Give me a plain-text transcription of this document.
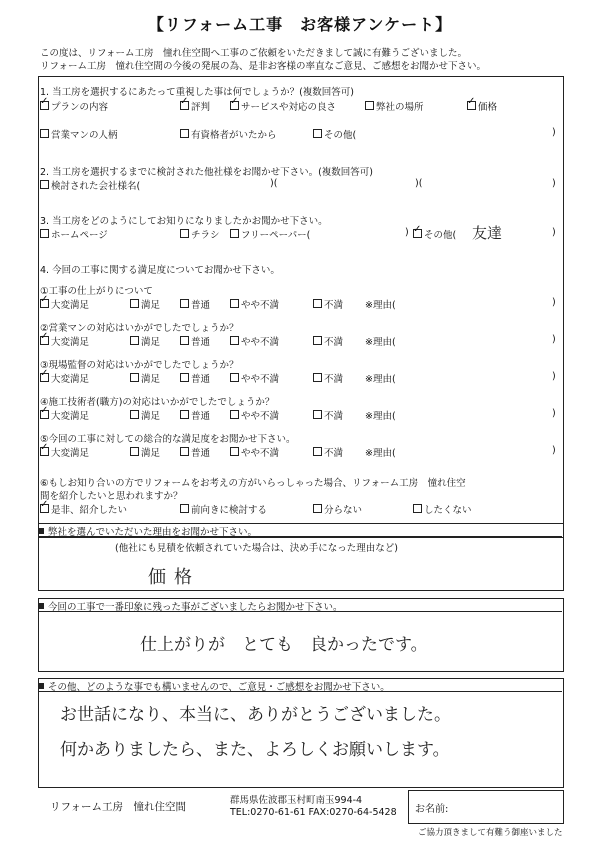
【リフォーム工事　お客様アンケート】
この度は、リフォーム工房　憧れ住空間へ工事のご依頼をいただきまして誠に有難うございました。
リフォーム工房　憧れ住空間の今後の発展の為、是非お客様の率直なご意見、ご感想をお聞かせ下さい。
1. 当工房を選択するにあたって重視した事は何でしょうか？(複数回答可)
✓プランの内容 ✓	評判 ✓	サービスや対応の良さ	弊社の場所 ✓	価格
営業マンの人柄	有資格者がいたから	その他(	)
2. 当工房を選択するまでに検討された他社様をお聞かせ下さい。(複数回答可)
検討された会社様名(	)(	)(	)
3. 当工房をどのようにしてお知りになりましたかお聞かせ下さい。
ホームページ	チラシ	フリーペーパー(	) ✓	その他( 友達	)
4. 今回の工事に関する満足度についてお聞かせ下さい。
①工事の仕上がりについて
✓大変満足	満足	普通	やや不満	不満 ※理由(	)
②営業マンの対応はいかがでしたでしょうか？
✓大変満足	満足	普通	やや不満	不満 ※理由(	)
③現場監督の対応はいかがでしたでしょうか？
✓大変満足	満足	普通	やや不満	不満 ※理由(	)
④施工技術者(職方)の対応はいかがでしたでしょうか？
✓大変満足	満足	普通	やや不満	不満 ※理由(	)
⑤今回の工事に対しての総合的な満足度をお聞かせ下さい。
✓大変満足	満足	普通	やや不満	不満 ※理由(	)
⑥もしお知り合いの方でリフォームをお考えの方がいらっしゃった場合、リフォーム工房　憧れ住空
間を紹介したいと思われますか？
✓是非、紹介したい	前向きに検討する	分らない	したくない
弊社を選んでいただいた理由をお聞かせ下さい。
(他社にも見積を依頼されていた場合は、決め手になった理由など)
価格
今回の工事で一番印象に残った事がございましたらお聞かせ下さい。
仕上がりが　とても　良かったです。
その他、どのような事でも構いませんので、ご意見・ご感想をお聞かせ下さい。
お世話になり、本当に、ありがとうございました。
何かありましたら、また、よろしくお願いします。
リフォーム工房　憧れ住空間
群馬県佐波郡玉村町南玉994-4
TEL:0270-61-61 FAX:0270-64-5428 お名前:
ご協力頂きまして有難う御座いました
